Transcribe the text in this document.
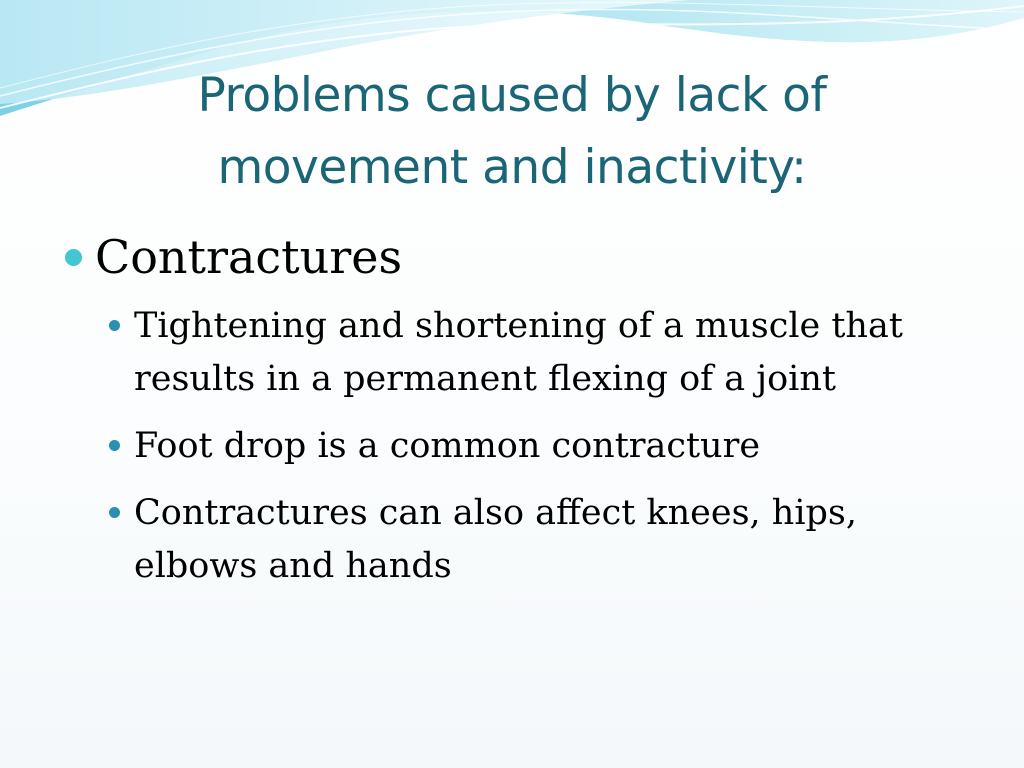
Problems caused by lack of
movement and inactivity:
Contractures
Tightening and shortening of a muscle that results in a permanent flexing of a joint
Foot drop is a common contracture
Contractures can also affect knees, hips, elbows and hands
